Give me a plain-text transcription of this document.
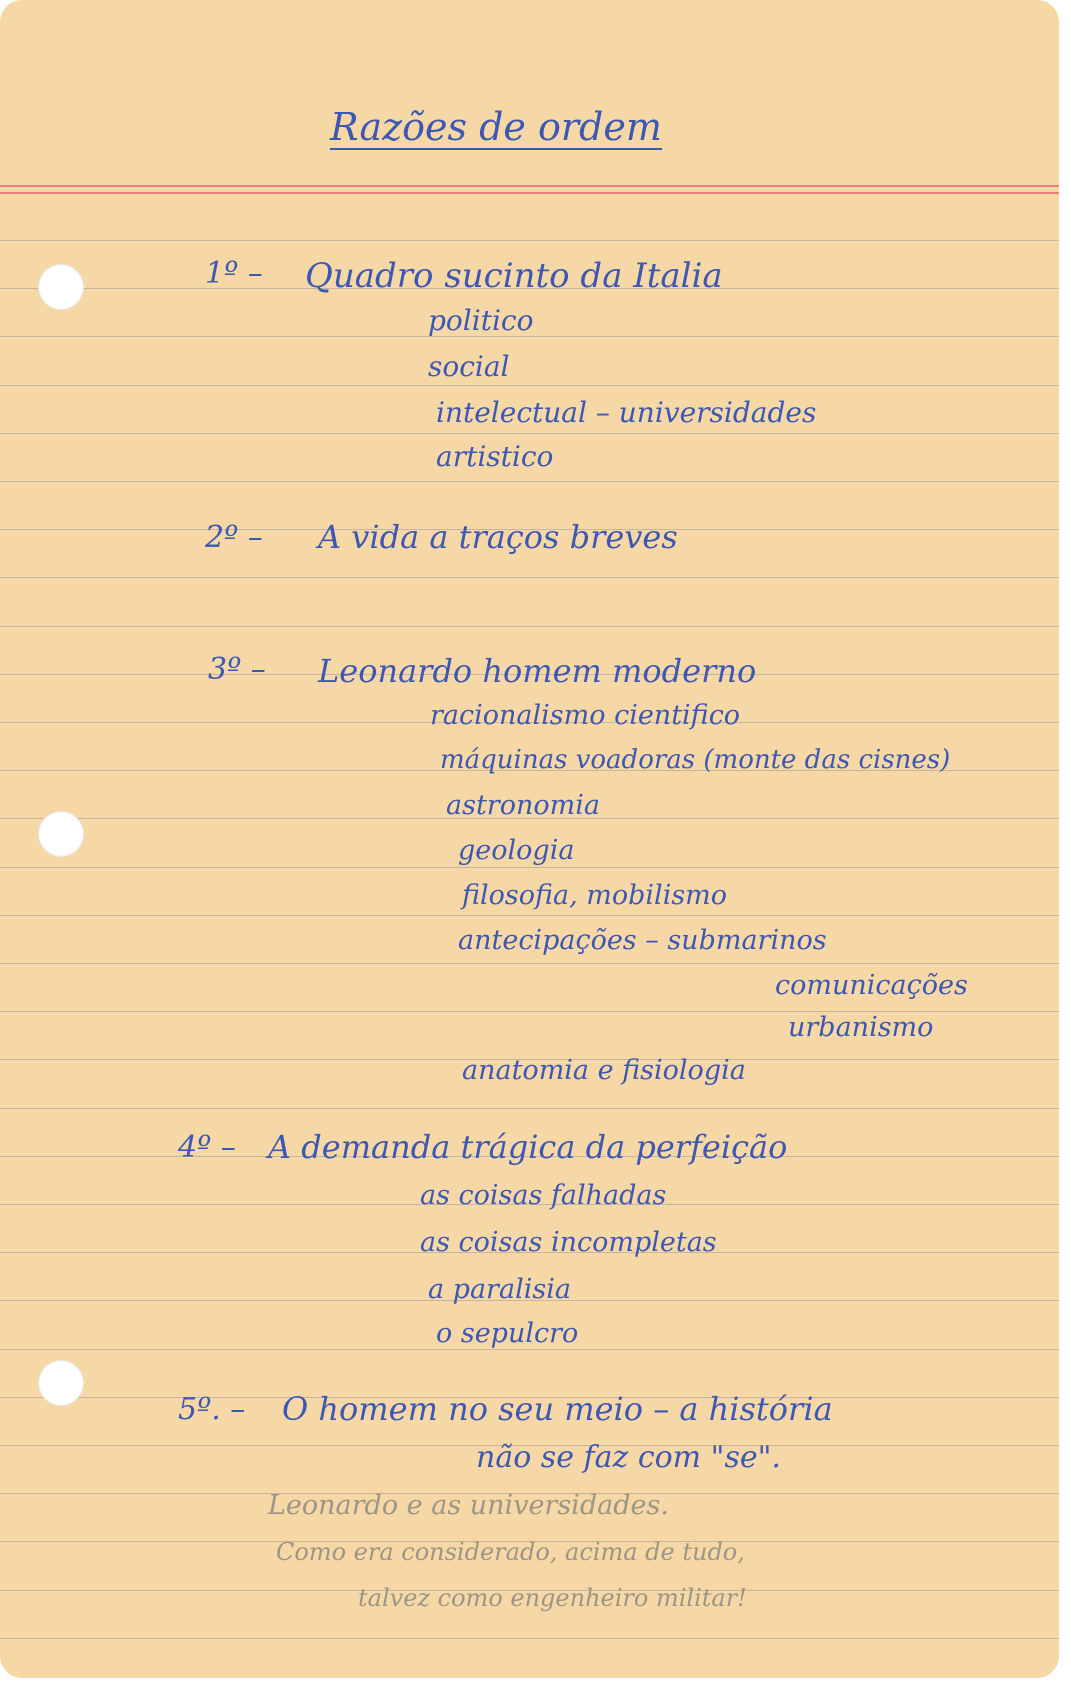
Razões de ordem
1º – Quadro sucinto da Italia
politico
social
intelectual – universidades
artistico
2º – A vida a traços breves
3º – Leonardo homem moderno
racionalismo cientifico
máquinas voadoras (monte das cisnes)
astronomia
geologia
filosofia, mobilismo
antecipações – submarinos
comunicações
urbanismo
anatomia e fisiologia
4º – A demanda trágica da perfeição
as coisas falhadas
as coisas incompletas
a paralisia
o sepulcro
5º. – O homem no seu meio – a história
não se faz com "se".
Leonardo e as universidades.
Como era considerado, acima de tudo,
talvez como engenheiro militar!
